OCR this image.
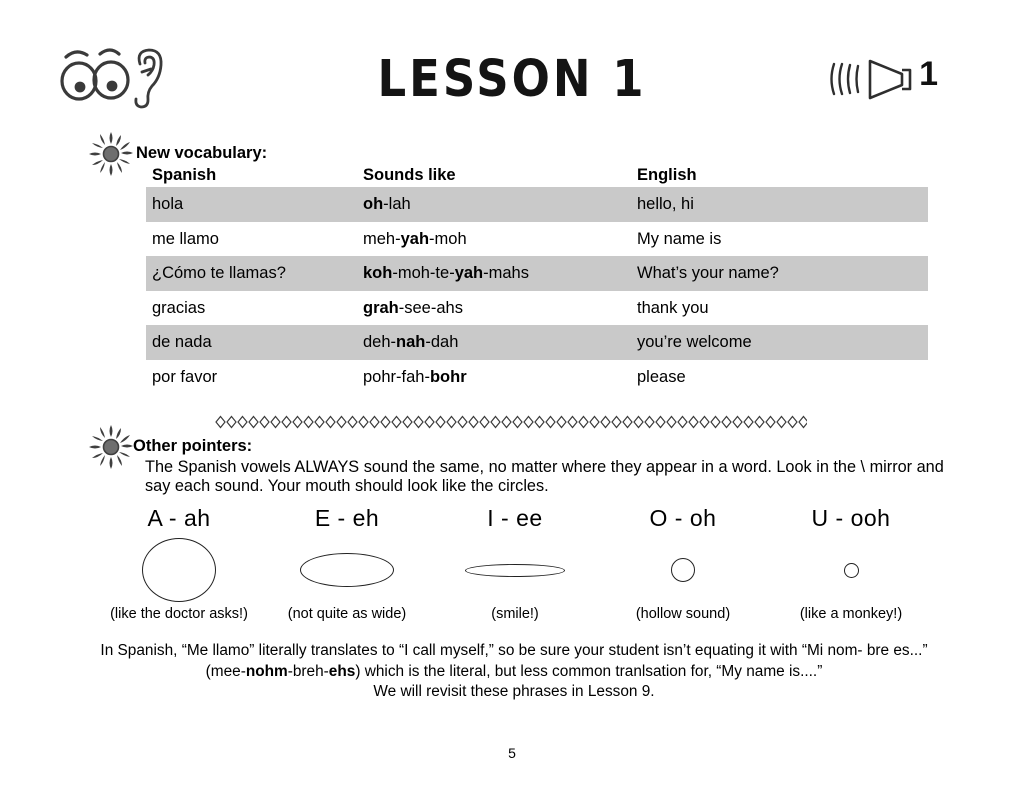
LESSON 1	1
New vocabulary:
Spanish	Sounds like	English
hola	oh-lah	hello, hi
me llamo	meh-yah-moh	My name is
¿Cómo te llamas?	koh-moh-te-yah-mahs	What’s your name?
gracias	grah-see-ahs	thank you
de nada	deh-nah-dah	you’re welcome
por favor	pohr-fah-bohr	please
Other pointers:
The Spanish vowels ALWAYS sound the same, no matter where they appear in a word. Look in the \ mirror and say each sound. Your mouth should look like the circles.
A - ah
(like the doctor asks!)
E - eh
(not quite as wide)
I - ee
(smile!)
O - oh
(hollow sound)
U - ooh
(like a monkey!)
In Spanish, “Me llamo” literally translates to “I call myself,” so be sure your student isn’t equating it with “Mi nom- bre es...” (mee-nohm-breh-ehs) which is the literal, but less common tranlsation for, “My name is....”
We will revisit these phrases in Lesson 9.
5
